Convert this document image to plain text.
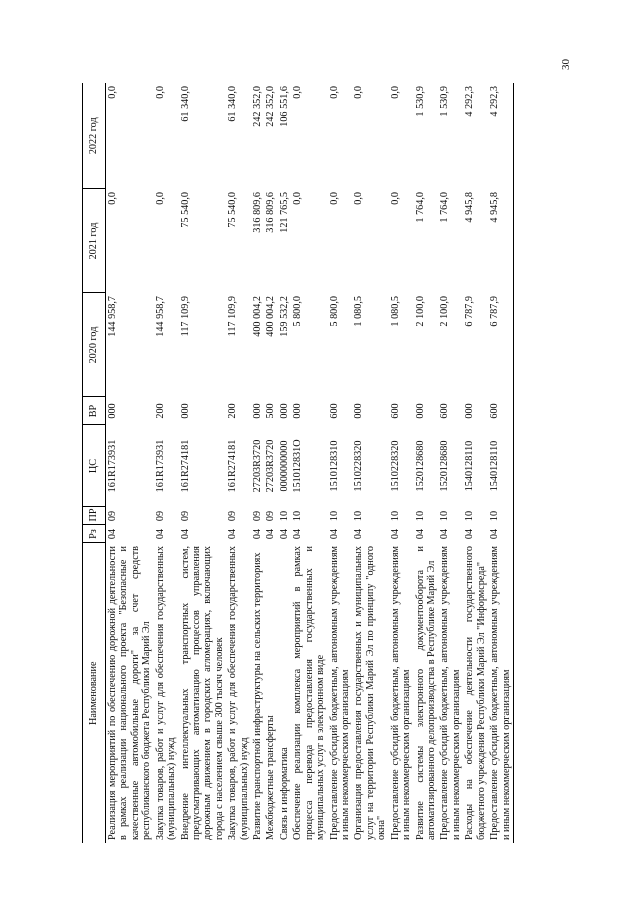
30
Наименование	Рз	ПР	ЦС	ВР	2020 год	2021 год	2022 год
Реализация мероприятий по обеспечению дорожной деятельности в рамках реализации национального проекта "Безопасные и качественные автомобильные дороги" за счет средств республиканского бюджета Республики Марий Эл	04	09	161R173931	000	144 958,7	0,0	0,0
Закупка товаров, работ и услуг для обеспечения государственных (муниципальных) нужд	04	09	161R173931	200	144 958,7	0,0	0,0
Внедрение интеллектуальных транспортных систем, предусматривающих автоматизацию процессов управления дорожным движением в городских агломерациях, включающих города с населением свыше 300 тысяч человек	04	09	161R274181	000	117 109,9	75 540,0	61 340,0
Закупка товаров, работ и услуг для обеспечения государственных (муниципальных) нужд	04	09	161R274181	200	117 109,9	75 540,0	61 340,0
Развитие транспортной инфраструктуры на сельских территориях	04	09	27203R3720	000	400 004,2	316 809,6	242 352,0
Межбюджетные трансферты	04	09	27203R3720	500	400 004,2	316 809,6	242 352,0
Связь и информатика	04	10	0000000000	000	159 532,2	121 765,5	106 551,6
Обеспечение реализации комплекса мероприятий в рамках процесса перевода предоставления государственных и муниципальных услуг в электронном виде	04	10	151012831О	000	5 800,0	0,0	0,0
Предоставление субсидий бюджетным, автономным учреждениям и иным некоммерческим организациям	04	10	1510128310	600	5 800,0	0,0	0,0
Организация предоставления государственных и муниципальных услуг на территории Республики Марий Эл по принципу "одного окна"	04	10	1510228320	000	1 080,5	0,0	0,0
Предоставление субсидий бюджетным, автономным учреждениям и иным некоммерческим организациям	04	10	1510228320	600	1 080,5	0,0	0,0
Развитие системы электронного документооборота и автоматизированного делопроизводства в Республике Марий Эл	04	10	1520128680	000	2 100,0	1 764,0	1 530,9
Предоставление субсидий бюджетным, автономным учреждениям и иным некоммерческим организациям	04	10	1520128680	600	2 100,0	1 764,0	1 530,9
Расходы на обеспечение деятельности государственного бюджетного учреждения Республики Марий Эл "Информсреда"	04	10	1540128110	000	6 787,9	4 945,8	4 292,3
Предоставление субсидий бюджетным, автономным учреждениям и иным некоммерческим организациям	04	10	1540128110	600	6 787,9	4 945,8	4 292,3
